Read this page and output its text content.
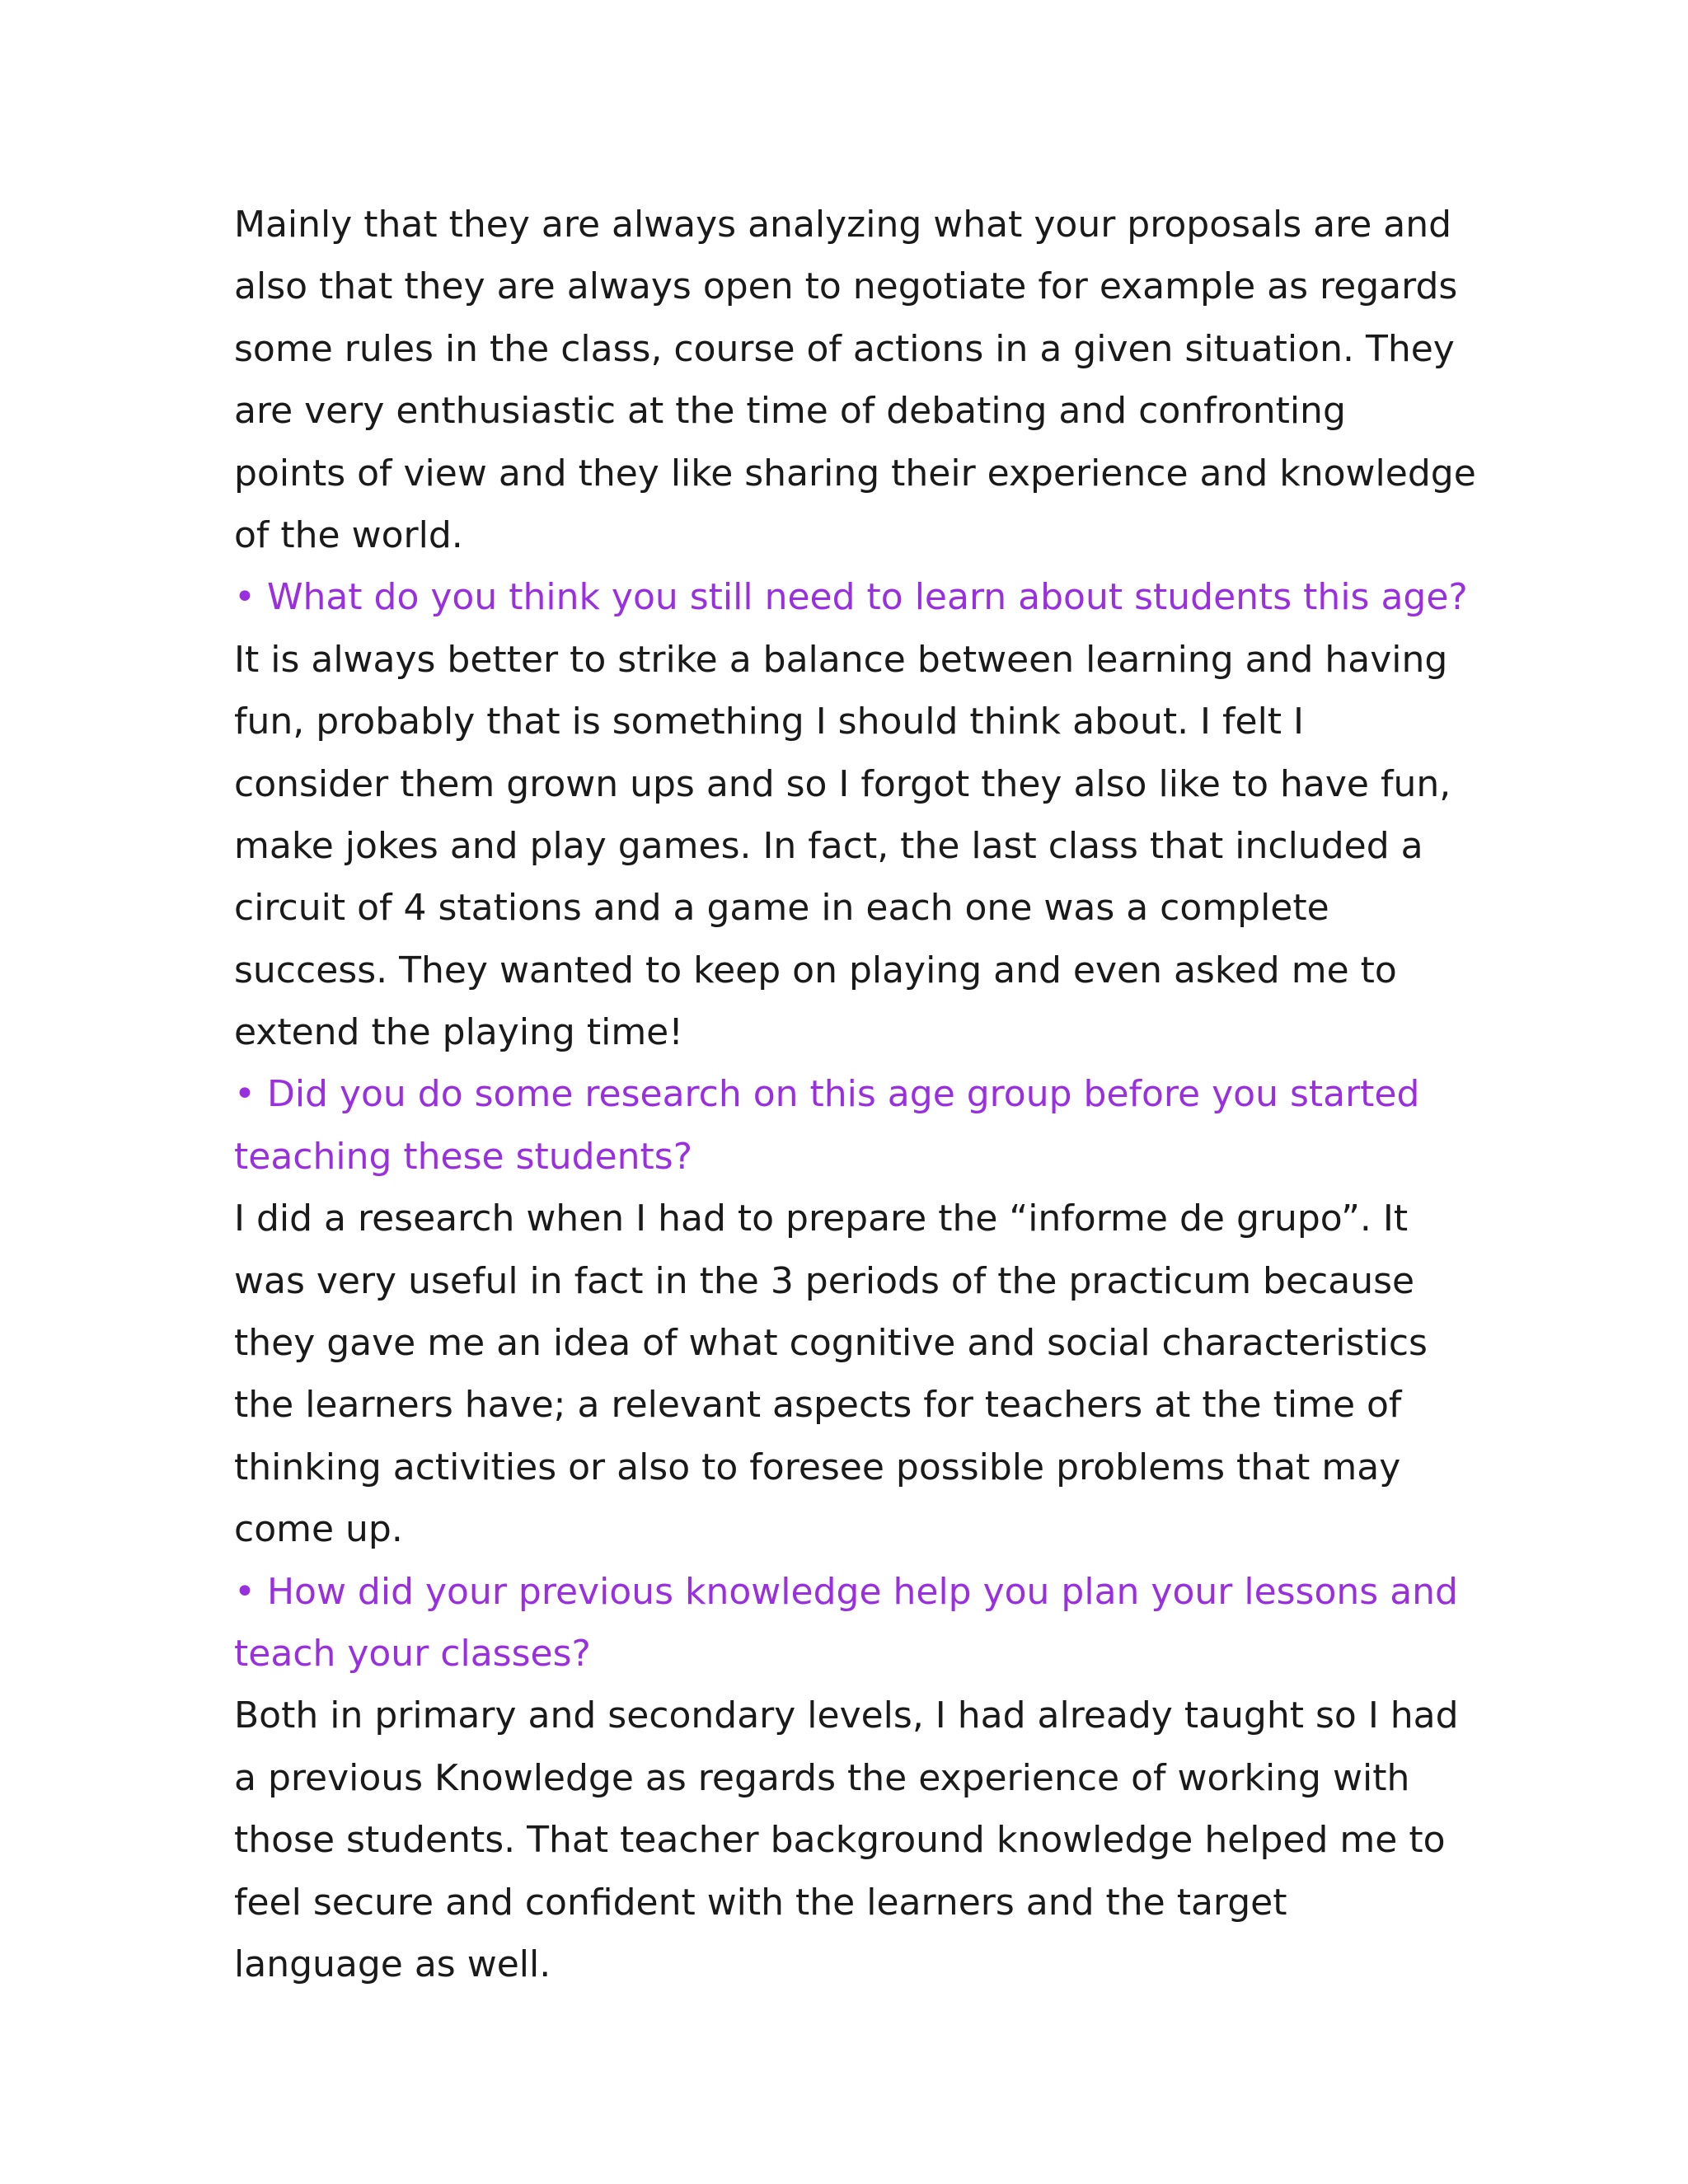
Mainly that they are always analyzing what your proposals are and
also that they are always open to negotiate for example as regards
some rules in the class, course of actions in a given situation. They
are very enthusiastic at the time of debating and confronting
points of view and they like sharing their experience and knowledge
of the world.
• What do you think you still need to learn about students this age?
It is always better to strike a balance between learning and having
fun, probably that is something I should think about. I felt I
consider them grown ups and so I forgot they also like to have fun,
make jokes and play games. In fact, the last class that included a
circuit of 4 stations and a game in each one was a complete
success. They wanted to keep on playing and even asked me to
extend the playing time!
• Did you do some research on this age group before you started
teaching these students?
I did a research when I had to prepare the “informe de grupo”. It
was very useful in fact in the 3 periods of the practicum because
they gave me an idea of what cognitive and social characteristics
the learners have; a relevant aspects for teachers at the time of
thinking activities or also to foresee possible problems that may
come up.
• How did your previous knowledge help you plan your lessons and
teach your classes?
Both in primary and secondary levels, I had already taught so I had
a previous Knowledge as regards the experience of working with
those students. That teacher background knowledge helped me to
feel secure and confident with the learners and the target
language as well.
